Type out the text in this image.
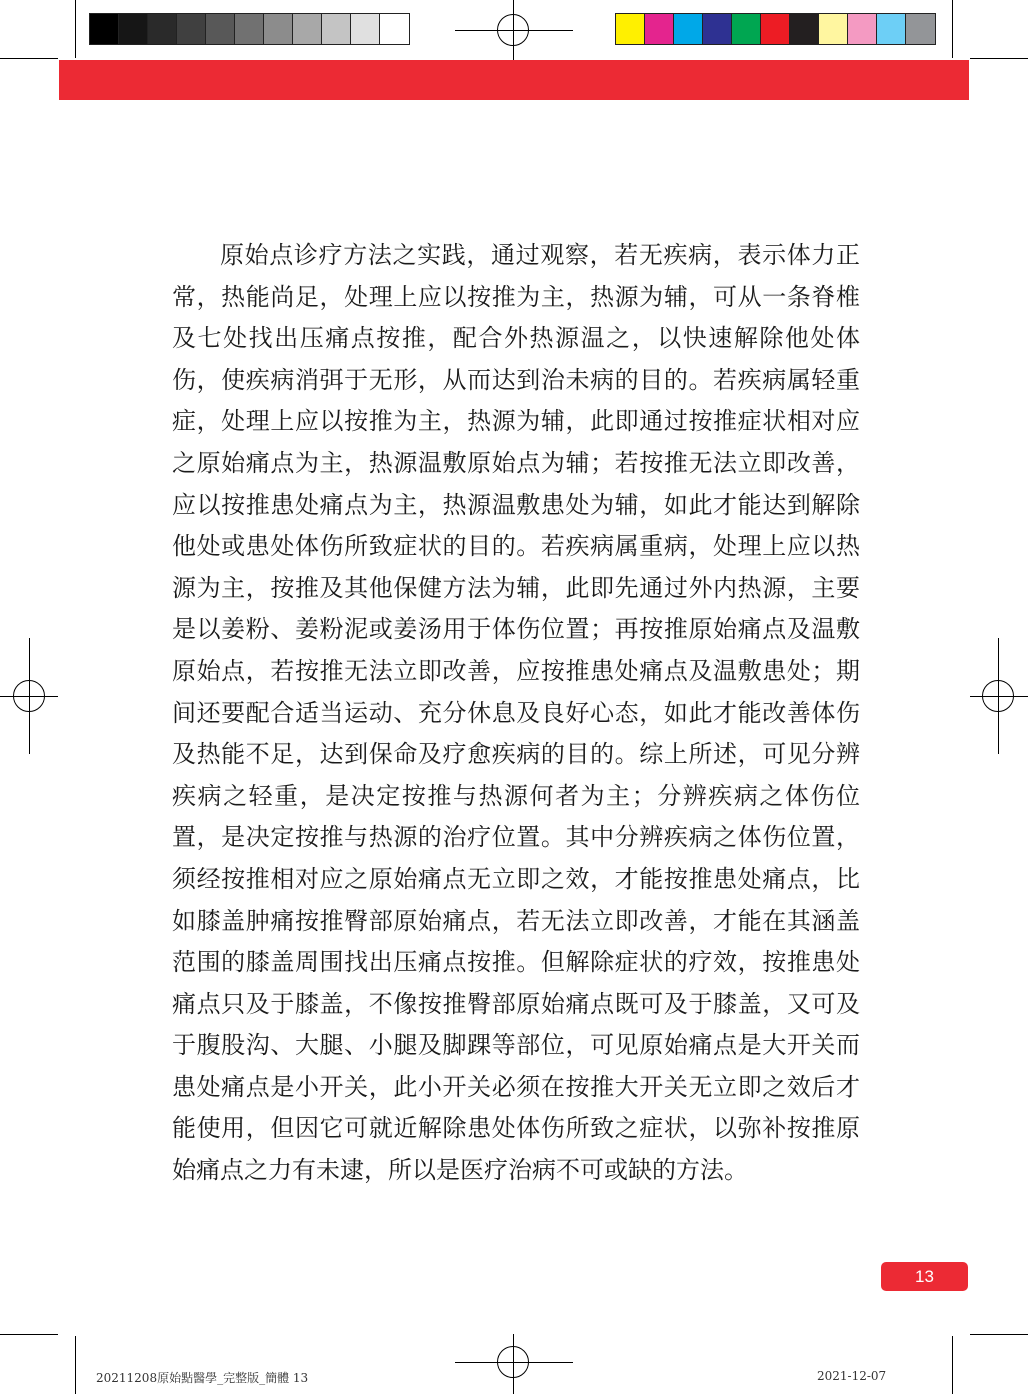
原始点诊疗方法之实践，通过观察，若无疾病，表示体力正常，热能尚足，处理上应以按推为主，热源为辅，可从一条脊椎及七处找出压痛点按推，配合外热源温之，以快速解除他处体伤，使疾病消弭于无形，从而达到治未病的目的。若疾病属轻重症，处理上应以按推为主，热源为辅，此即通过按推症状相对应之原始痛点为主，热源温敷原始点为辅；若按推无法立即改善，应以按推患处痛点为主，热源温敷患处为辅，如此才能达到解除他处或患处体伤所致症状的目的。若疾病属重病，处理上应以热源为主，按推及其他保健方法为辅，此即先通过外内热源，主要是以姜粉、姜粉泥或姜汤用于体伤位置；再按推原始痛点及温敷原始点，若按推无法立即改善，应按推患处痛点及温敷患处；期间还要配合适当运动、充分休息及良好心态，如此才能改善体伤及热能不足，达到保命及疗愈疾病的目的。综上所述，可见分辨疾病之轻重，是决定按推与热源何者为主；分辨疾病之体伤位置，是决定按推与热源的治疗位置。其中分辨疾病之体伤位置，须经按推相对应之原始痛点无立即之效，才能按推患处痛点，比如膝盖肿痛按推臀部原始痛点，若无法立即改善，才能在其涵盖范围的膝盖周围找出压痛点按推。但解除症状的疗效，按推患处痛点只及于膝盖，不像按推臀部原始痛点既可及于膝盖，又可及于腹股沟、大腿、小腿及脚踝等部位，可见原始痛点是大开关而患处痛点是小开关，此小开关必须在按推大开关无立即之效后才能使用，但因它可就近解除患处体伤所致之症状，以弥补按推原始痛点之力有未逮，所以是医疗治病不可或缺的方法。

13
20211208原始點醫學_完整版_簡體 13	2021-12-07
